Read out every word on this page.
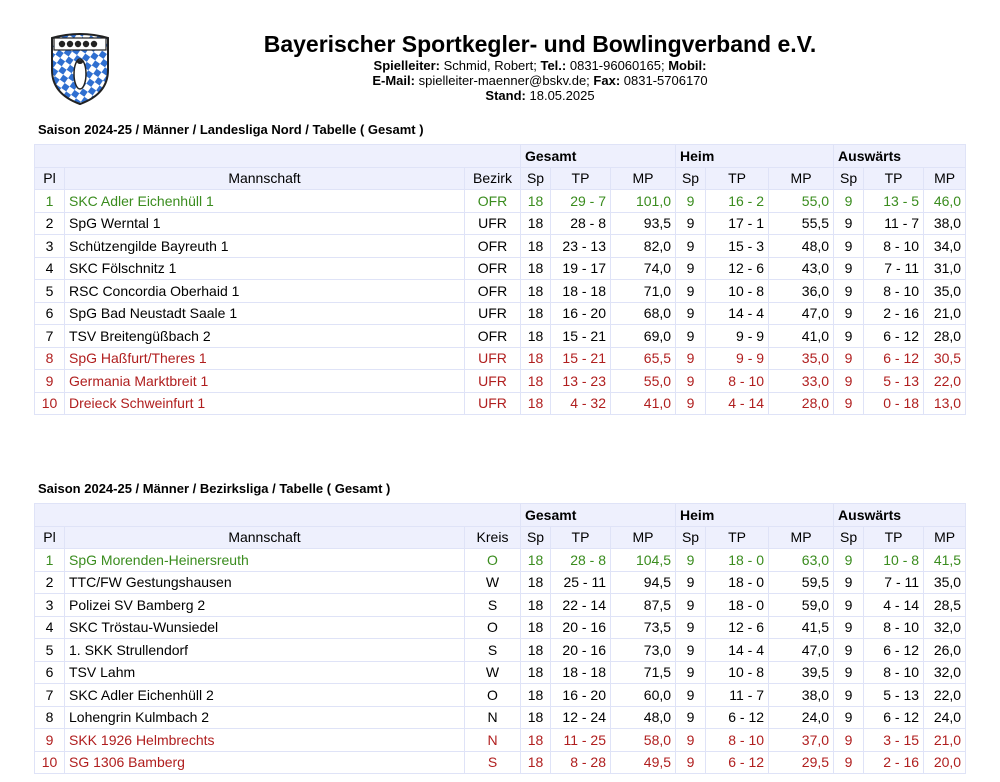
Bayerischer Sportkegler- und Bowlingverband e.V.
Spielleiter: Schmid, Robert; Tel.: 0831-96060165; Mobil:
E-Mail: spielleiter-maenner@bskv.de; Fax: 0831-5706170
Stand: 18.05.2025
Saison 2024-25 / Männer / Landesliga Nord / Tabelle ( Gesamt )
			Gesamt			Heim			Auswärts		
Pl	Mannschaft	Bezirk	Sp	TP	MP	Sp	TP	MP	Sp	TP	MP
1	SKC Adler Eichenhüll 1	OFR	18	29 - 7	101,0	9	16 - 2	55,0	9	13 - 5	46,0
2	SpG Werntal 1	UFR	18	28 - 8	93,5	9	17 - 1	55,5	9	11 - 7	38,0
3	Schützengilde Bayreuth 1	OFR	18	23 - 13	82,0	9	15 - 3	48,0	9	8 - 10	34,0
4	SKC Fölschnitz 1	OFR	18	19 - 17	74,0	9	12 - 6	43,0	9	7 - 11	31,0
5	RSC Concordia Oberhaid 1	OFR	18	18 - 18	71,0	9	10 - 8	36,0	9	8 - 10	35,0
6	SpG Bad Neustadt Saale 1	UFR	18	16 - 20	68,0	9	14 - 4	47,0	9	2 - 16	21,0
7	TSV Breitengüßbach 2	OFR	18	15 - 21	69,0	9	9 - 9	41,0	9	6 - 12	28,0
8	SpG Haßfurt/Theres 1	UFR	18	15 - 21	65,5	9	9 - 9	35,0	9	6 - 12	30,5
9	Germania Marktbreit 1	UFR	18	13 - 23	55,0	9	8 - 10	33,0	9	5 - 13	22,0
10	Dreieck Schweinfurt 1	UFR	18	4 - 32	41,0	9	4 - 14	28,0	9	0 - 18	13,0
Saison 2024-25 / Männer / Bezirksliga / Tabelle ( Gesamt )
			Gesamt			Heim			Auswärts		
Pl	Mannschaft	Kreis	Sp	TP	MP	Sp	TP	MP	Sp	TP	MP
1	SpG Morenden-Heinersreuth	O	18	28 - 8	104,5	9	18 - 0	63,0	9	10 - 8	41,5
2	TTC/FW Gestungshausen	W	18	25 - 11	94,5	9	18 - 0	59,5	9	7 - 11	35,0
3	Polizei SV Bamberg 2	S	18	22 - 14	87,5	9	18 - 0	59,0	9	4 - 14	28,5
4	SKC Tröstau-Wunsiedel	O	18	20 - 16	73,5	9	12 - 6	41,5	9	8 - 10	32,0
5	1. SKK Strullendorf	S	18	20 - 16	73,0	9	14 - 4	47,0	9	6 - 12	26,0
6	TSV Lahm	W	18	18 - 18	71,5	9	10 - 8	39,5	9	8 - 10	32,0
7	SKC Adler Eichenhüll 2	O	18	16 - 20	60,0	9	11 - 7	38,0	9	5 - 13	22,0
8	Lohengrin Kulmbach 2	N	18	12 - 24	48,0	9	6 - 12	24,0	9	6 - 12	24,0
9	SKK 1926 Helmbrechts	N	18	11 - 25	58,0	9	8 - 10	37,0	9	3 - 15	21,0
10	SG 1306 Bamberg	S	18	8 - 28	49,5	9	6 - 12	29,5	9	2 - 16	20,0
